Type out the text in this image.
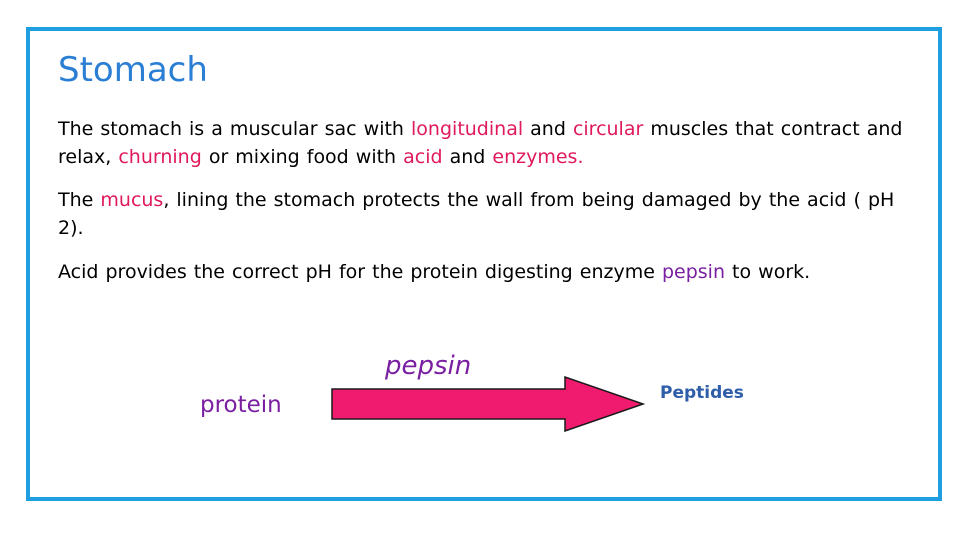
Stomach

The stomach is a muscular sac with longitudinal and circular muscles that contract and relax, churning or mixing food with acid and enzymes.

The mucus, lining the stomach protects the wall from being damaged by the acid ( pH 2).

Acid provides the correct pH for the protein digesting enzyme pepsin to work.

protein
pepsin
Peptides
